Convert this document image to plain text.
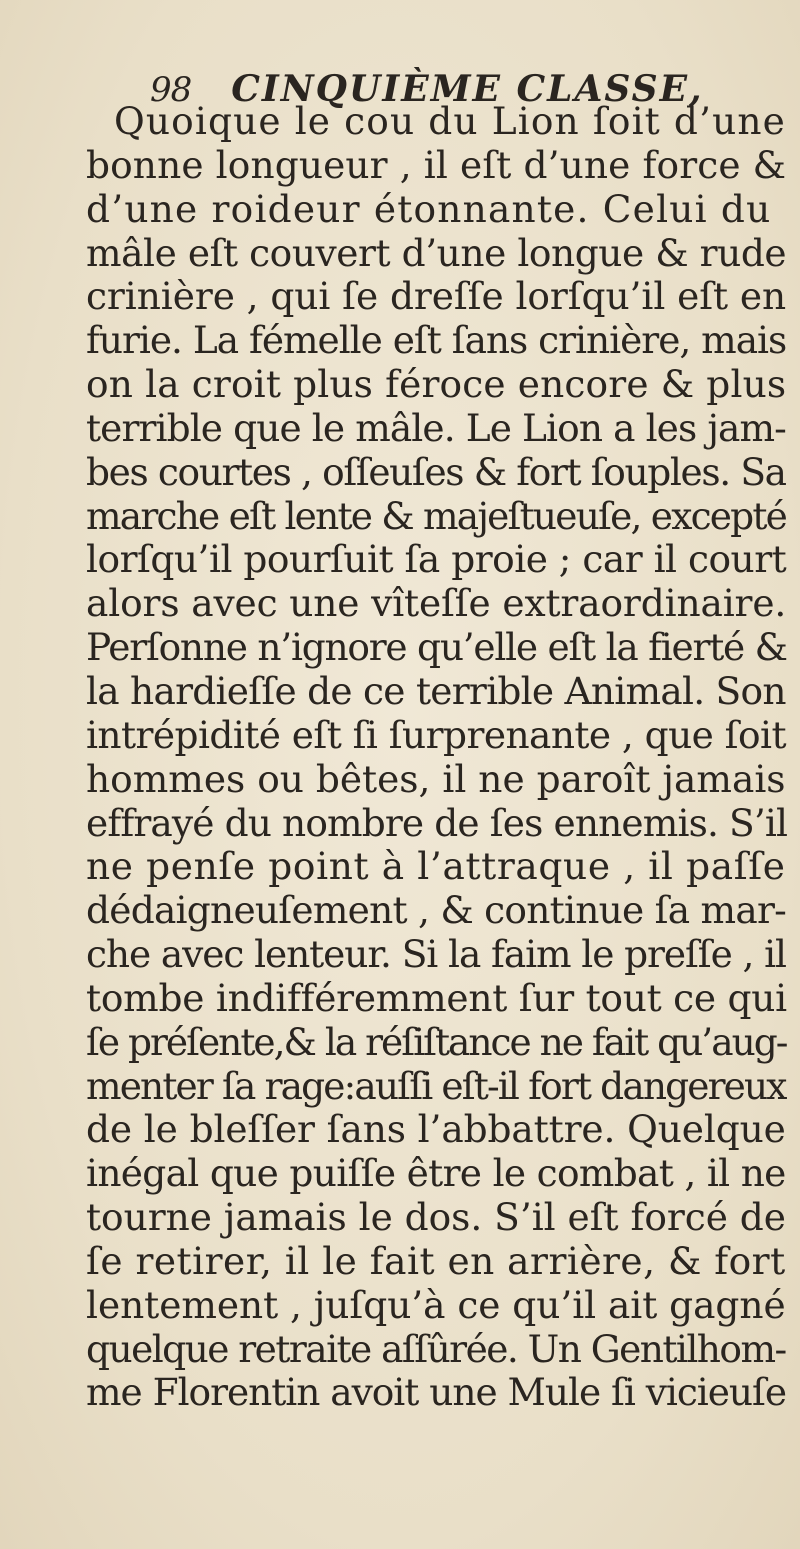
98 CINQUIÈME CLASSE,
Quoique le cou du Lion ſoit d’une
bonne longueur , il eſt d’une force &
d’une roideur étonnante. Celui du
mâle eſt couvert d’une longue & rude
crinière , qui ſe dreſſe lorſqu’il eſt en
furie. La fémelle eſt ſans crinière, mais
on la croit plus féroce encore & plus
terrible que le mâle. Le Lion a les jam-
bes courtes , oſſeuſes & fort ſouples. Sa
marche eſt lente & majeſtueuſe, excepté
lorſqu’il pourſuit ſa proie ; car il court
alors avec une vîteſſe extraordinaire.
Perſonne n’ignore qu’elle eſt la fierté &
la hardieſſe de ce terrible Animal. Son
intrépidité eſt ſi ſurprenante , que ſoit
hommes ou bêtes, il ne paroît jamais
effrayé du nombre de ſes ennemis. S’il
ne penſe point à l’attraque , il paſſe
dédaigneuſement , & continue ſa mar-
che avec lenteur. Si la faim le preſſe , il
tombe indifféremment ſur tout ce qui
ſe préſente,& la réſiſtance ne fait qu’aug-
menter ſa rage:auſſi eſt-il fort dangereux
de le bleſſer ſans l’abbattre. Quelque
inégal que puiſſe être le combat , il ne
tourne jamais le dos. S’il eſt forcé de
ſe retirer, il le fait en arrière, & fort
lentement , juſqu’à ce qu’il ait gagné
quelque retraite aſſûrée. Un Gentilhom-
me Florentin avoit une Mule ſi vicieuſe
